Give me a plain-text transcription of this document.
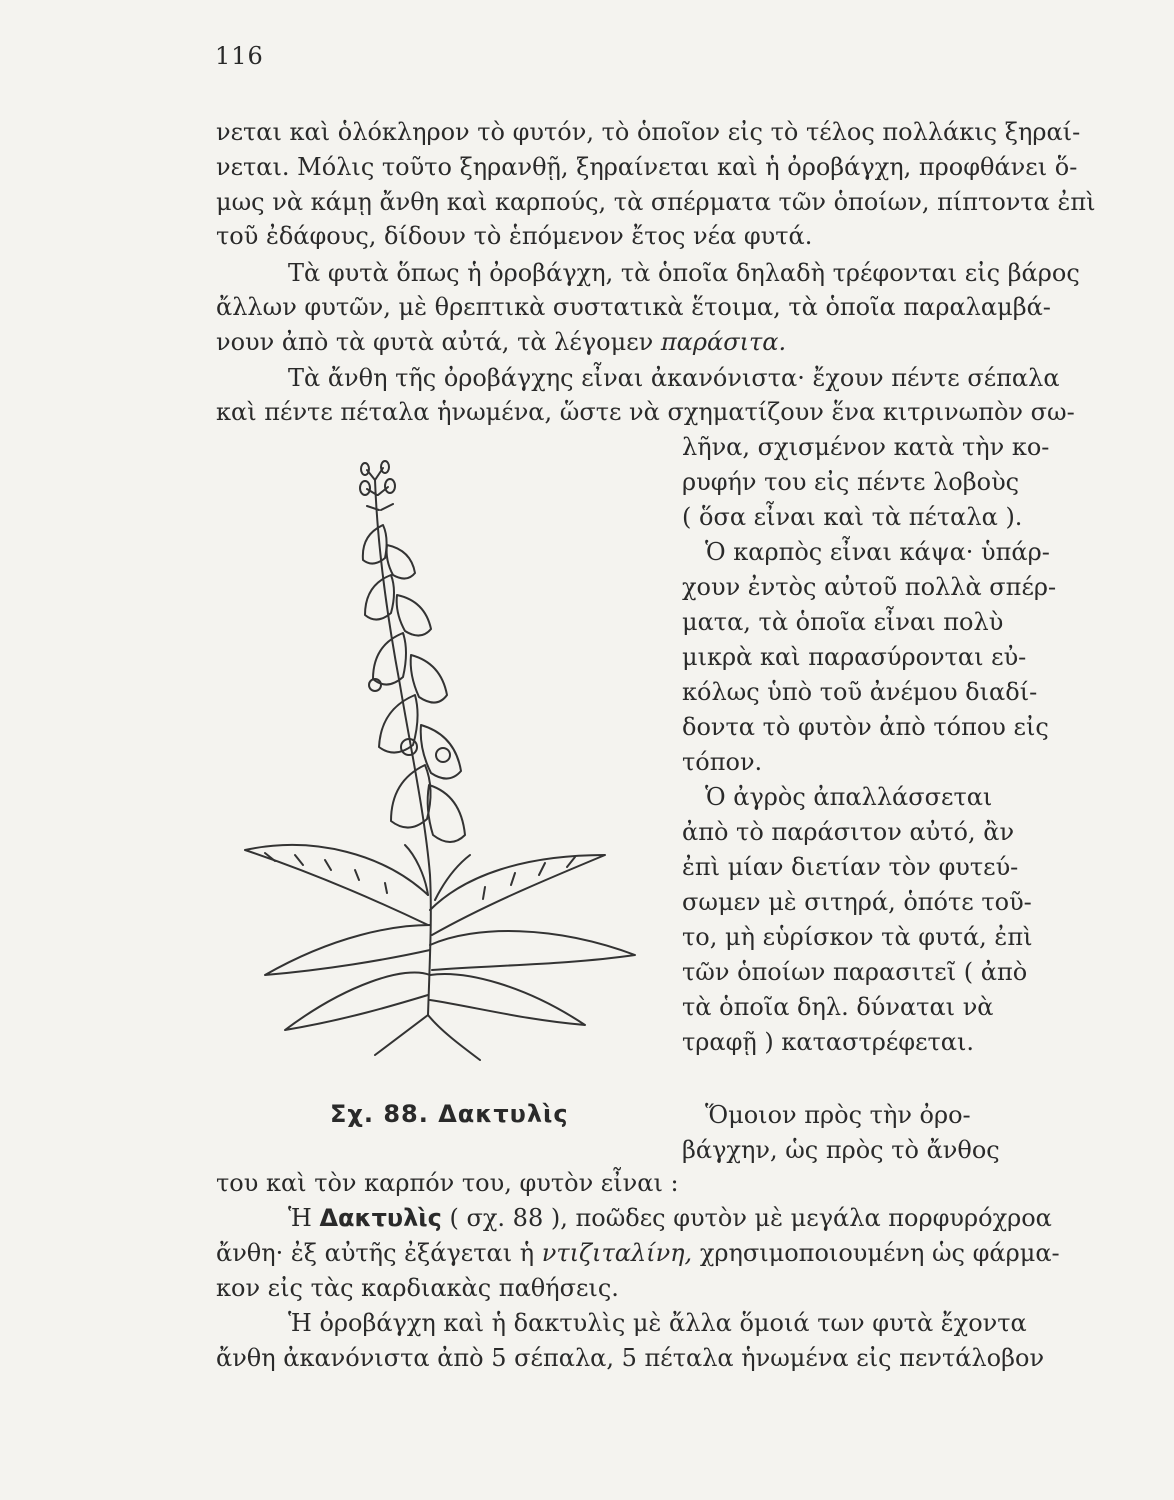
116
νεται καὶ ὁλόκληρον τὸ φυτόν, τὸ ὁποῖον εἰς τὸ τέλος πολλάκις ξηραί-
νεται. Μόλις τοῦτο ξηρανθῇ, ξηραίνεται καὶ ἡ ὀροβάγχη, προφθάνει ὅ-
μως νὰ κάμῃ ἄνθη καὶ καρπούς, τὰ σπέρματα τῶν ὁποίων, πίπτοντα ἐπὶ
τοῦ ἐδάφους, δίδουν τὸ ἑπόμενον ἔτος νέα φυτά.
Τὰ φυτὰ ὅπως ἡ ὀροβάγχη, τὰ ὁποῖα δηλαδὴ τρέφονται εἰς βάρος
ἄλλων φυτῶν, μὲ θρεπτικὰ συστατικὰ ἕτοιμα, τὰ ὁποῖα παραλαμβά-
νουν ἀπὸ τὰ φυτὰ αὐτά, τὰ λέγομεν παράσιτα.
Τὰ ἄνθη τῆς ὀροβάγχης εἶναι ἀκανόνιστα· ἔχουν πέντε σέπαλα
καὶ πέντε πέταλα ἡνωμένα, ὥστε νὰ σχηματίζουν ἕνα κιτρινωπὸν σω-
λῆνα, σχισμένον κατὰ τὴν κο-
ρυφήν του εἰς πέντε λοβοὺς
( ὅσα εἶναι καὶ τὰ πέταλα ).
Ὁ καρπὸς εἶναι κάψα· ὑπάρ-
χουν ἐντὸς αὐτοῦ πολλὰ σπέρ-
ματα, τὰ ὁποῖα εἶναι πολὺ
μικρὰ καὶ παρασύρονται εὐ-
κόλως ὑπὸ τοῦ ἀνέμου διαδί-
δοντα τὸ φυτὸν ἀπὸ τόπου εἰς
τόπον.
Ὁ ἀγρὸς ἀπαλλάσσεται
ἀπὸ τὸ παράσιτον αὐτό, ἂν
ἐπὶ μίαν διετίαν τὸν φυτεύ-
σωμεν μὲ σιτηρά, ὁπότε τοῦ-
το, μὴ εὑρίσκον τὰ φυτά, ἐπὶ
τῶν ὁποίων παρασιτεῖ ( ἀπὸ
τὰ ὁποῖα δηλ. δύναται νὰ
τραφῇ ) καταστρέφεται.
Ὅμοιον πρὸς τὴν ὀρο-
βάγχην, ὡς πρὸς τὸ ἄνθος
Σχ. 88. Δακτυλὶς
του καὶ τὸν καρπόν του, φυτὸν εἶναι :
Ἡ Δακτυλὶς ( σχ. 88 ), ποῶδες φυτὸν μὲ μεγάλα πορφυρόχροα
ἄνθη· ἐξ αὐτῆς ἐξάγεται ἡ ντιζιταλίνη, χρησιμοποιουμένη ὡς φάρμα-
κον εἰς τὰς καρδιακὰς παθήσεις.
Ἡ ὀροβάγχη καὶ ἡ δακτυλὶς μὲ ἄλλα ὅμοιά των φυτὰ ἔχοντα
ἄνθη ἀκανόνιστα ἀπὸ 5 σέπαλα, 5 πέταλα ἡνωμένα εἰς πεντάλοβον
